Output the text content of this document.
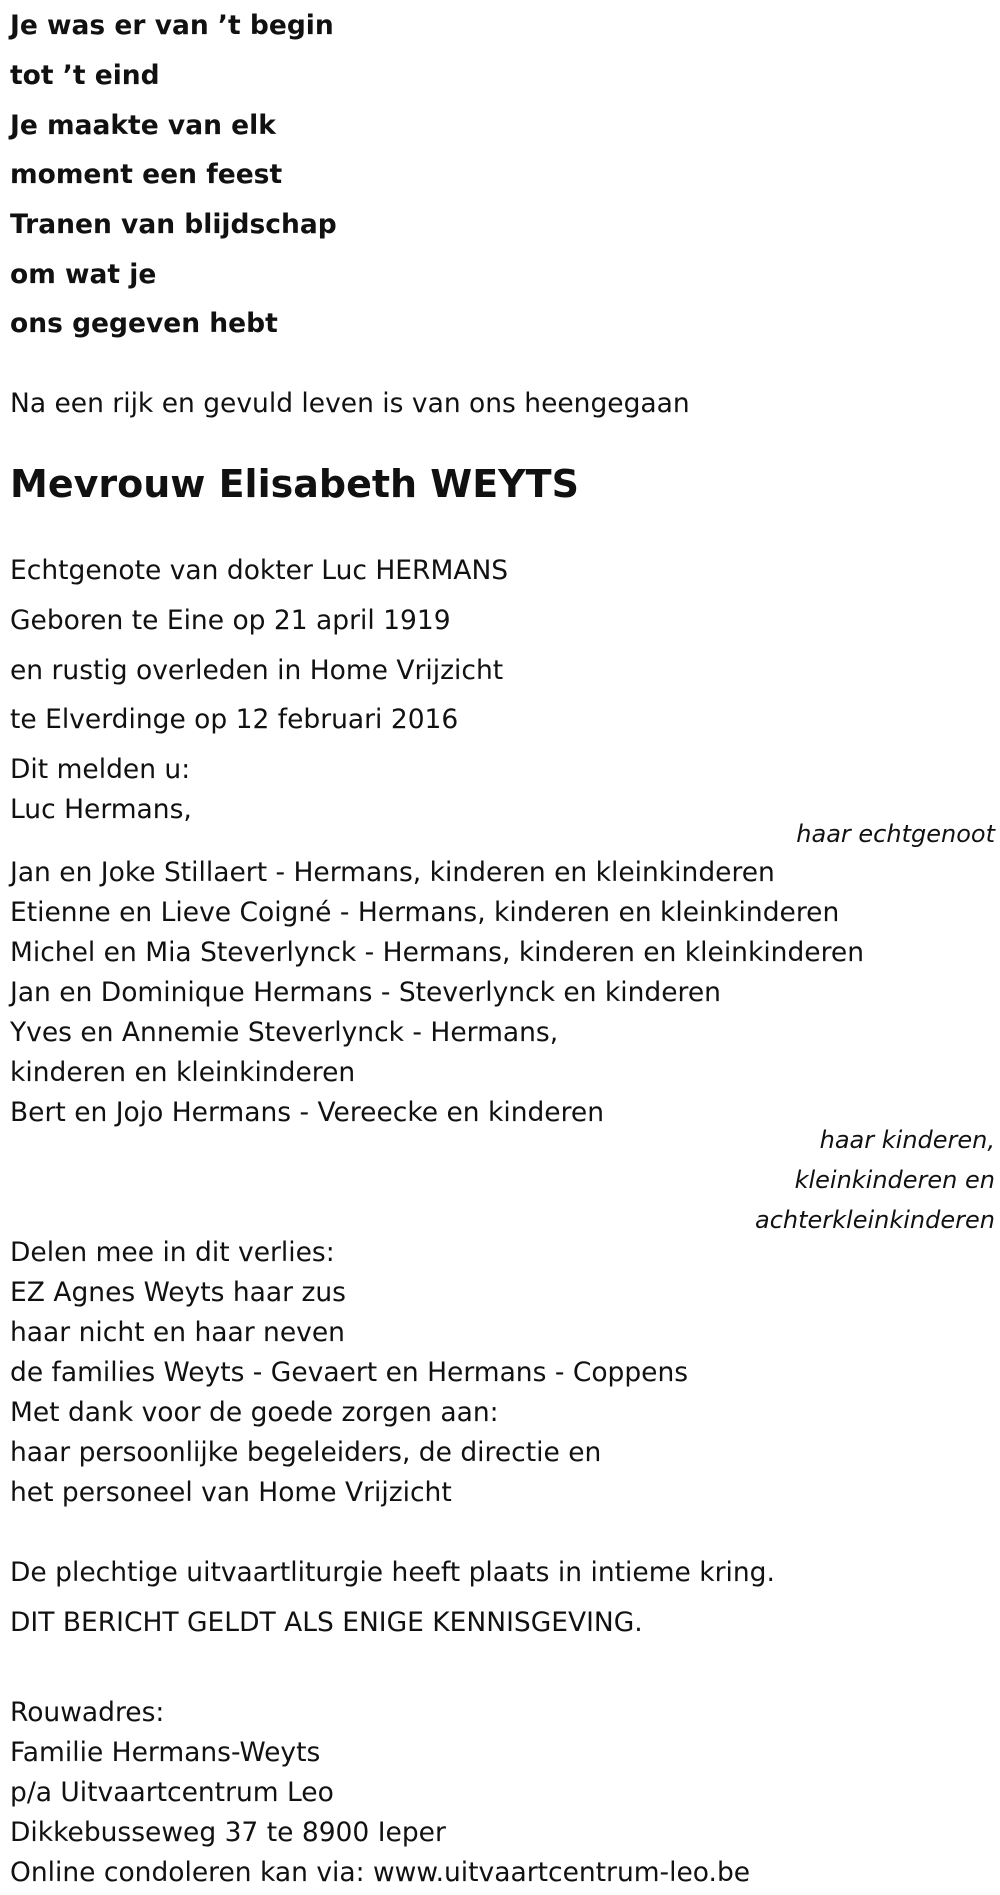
Je was er van ’t begin
tot ’t eind
Je maakte van elk
moment een feest
Tranen van blijdschap
om wat je
ons gegeven hebt
Na een rijk en gevuld leven is van ons heengegaan
Mevrouw Elisabeth WEYTS
Echtgenote van dokter Luc HERMANS
Geboren te Eine op 21 april 1919
en rustig overleden in Home Vrijzicht
te Elverdinge op 12 februari 2016
Dit melden u:
Luc Hermans,
haar echtgenoot
Jan en Joke Stillaert - Hermans, kinderen en kleinkinderen
Etienne en Lieve Coigné - Hermans, kinderen en kleinkinderen
Michel en Mia Steverlynck - Hermans, kinderen en kleinkinderen
Jan en Dominique Hermans - Steverlynck en kinderen
Yves en Annemie Steverlynck - Hermans,
kinderen en kleinkinderen
Bert en Jojo Hermans - Vereecke en kinderen
haar kinderen,
kleinkinderen en
achterkleinkinderen
Delen mee in dit verlies:
EZ Agnes Weyts haar zus
haar nicht en haar neven
de families Weyts - Gevaert en Hermans - Coppens
Met dank voor de goede zorgen aan:
haar persoonlijke begeleiders, de directie en
het personeel van Home Vrijzicht
De plechtige uitvaartliturgie heeft plaats in intieme kring.
DIT BERICHT GELDT ALS ENIGE KENNISGEVING.
Rouwadres:
Familie Hermans-Weyts
p/a Uitvaartcentrum Leo
Dikkebusseweg 37 te 8900 Ieper
Online condoleren kan via: www.uitvaartcentrum-leo.be
